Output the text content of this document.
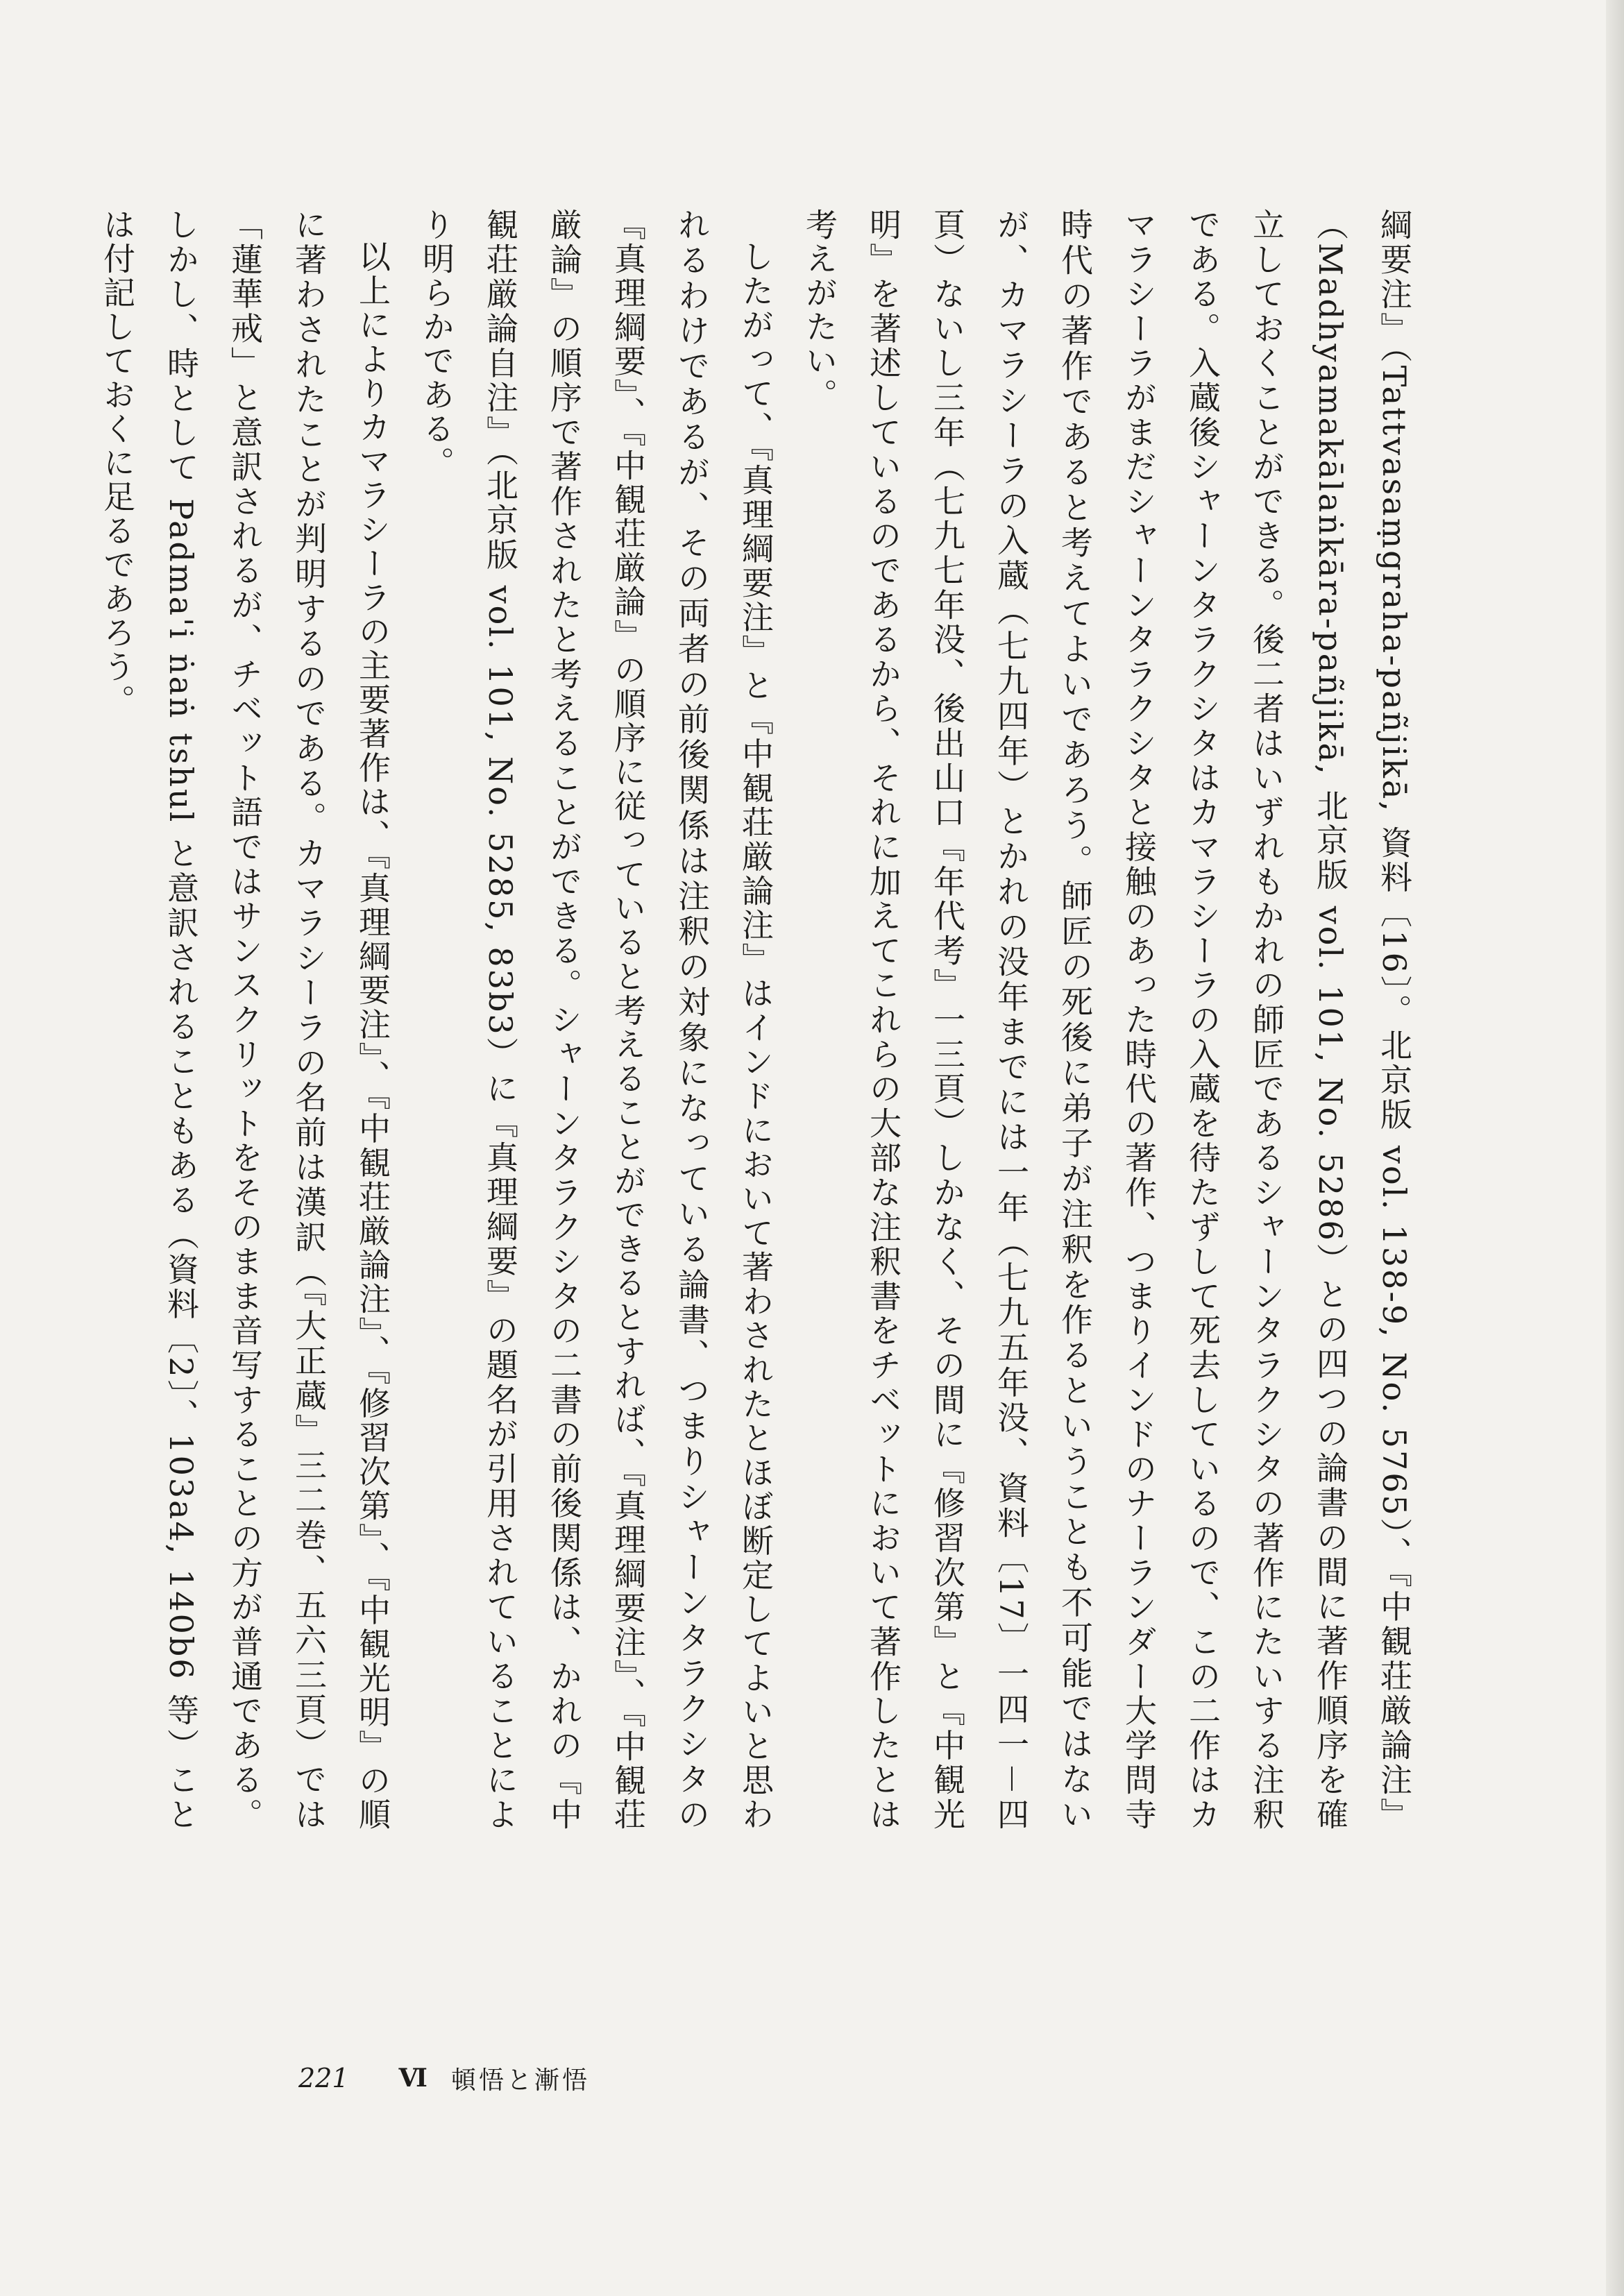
綱要注』（Tattvasaṃgraha-pañjikā, 資料〔16〕。北京版 vol. 138-9, No. 5765）、『中観荘厳論注』（Madhyamakālaṅkāra-pañjikā, 北京版 vol. 101, No. 5286）との四つの論書の間に著作順序を確立しておくことができる。後二者はいずれもかれの師匠であるシャーンタラクシタの著作にたいする注釈である。入蔵後シャーンタラクシタはカマラシーラの入蔵を待たずして死去しているので、この二作はカマラシーラがまだシャーンタラクシタと接触のあった時代の著作、つまりインドのナーランダー大学問寺時代の著作であると考えてよいであろう。師匠の死後に弟子が注釈を作るということも不可能ではないが、カマラシーラの入蔵（七九四年）とかれの没年までには一年（七九五年没、資料〔17〕一四一－四頁）ないし三年（七九七年没、後出山口『年代考』一三頁）しかなく、その間に『修習次第』と『中観光明』を著述しているのであるから、それに加えてこれらの大部な注釈書をチベットにおいて著作したとは考えがたい。

したがって、『真理綱要注』と『中観荘厳論注』はインドにおいて著わされたとほぼ断定してよいと思われるわけであるが、その両者の前後関係は注釈の対象になっている論書、つまりシャーンタラクシタの『真理綱要』、『中観荘厳論』の順序に従っていると考えることができるとすれば、『真理綱要注』、『中観荘厳論』の順序で著作されたと考えることができる。シャーンタラクシタの二書の前後関係は、かれの『中観荘厳論自注』（北京版 vol. 101, No. 5285, 83b3）に『真理綱要』の題名が引用されていることにより明らかである。

以上によりカマラシーラの主要著作は、『真理綱要注』、『中観荘厳論注』、『修習次第』、『中観光明』の順に著わされたことが判明するのである。カマラシーラの名前は漢訳（『大正蔵』三二巻、五六三頁）では「蓮華戒」と意訳されるが、チベット語ではサンスクリットをそのまま音写することの方が普通である。しかし、時として Padma'i ṅaṅ tshul と意訳されることもある（資料〔2〕、103a4, 140b6 等）ことは付記しておくに足るであろう。

221 Ⅵ 頓悟と漸悟
